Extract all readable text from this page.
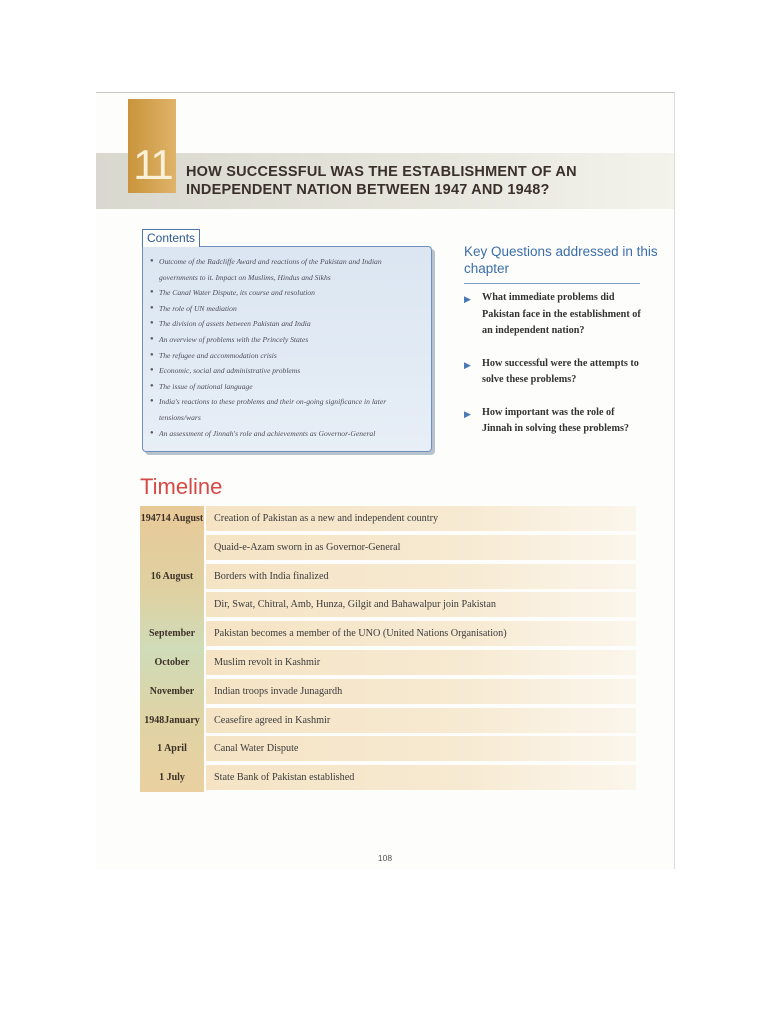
11	HOW SUCCESSFUL WAS THE ESTABLISHMENT OF AN INDEPENDENT NATION BETWEEN 1947 AND 1948?
Contents
● Outcome of the Radcliffe Award and reactions of the Pakistan and Indian governments to it. Impact on Muslims, Hindus and Sikhs
● The Canal Water Dispute, its course and resolution
● The role of UN mediation
● The division of assets between Pakistan and India
● An overview of problems with the Princely States
● The refugee and accommodation crisis
● Economic, social and administrative problems
● The issue of national language
● India's reactions to these problems and their on-going significance in later tensions/wars
● An assessment of Jinnah's role and achievements as Governor-General
Key Questions addressed in this chapter
▶ What immediate problems did Pakistan face in the establishment of an independent nation?
▶ How successful were the attempts to solve these problems?
▶ How important was the role of Jinnah in solving these problems?
Timeline
1947 14 August	Creation of Pakistan as a new and independent country
Quaid-e-Azam sworn in as Governor-General
16 August	Borders with India finalized
Dir, Swat, Chitral, Amb, Hunza, Gilgit and Bahawalpur join Pakistan
September	Pakistan becomes a member of the UNO (United Nations Organisation)
October	Muslim revolt in Kashmir
November	Indian troops invade Junagardh
1948 January	Ceasefire agreed in Kashmir
1 April	Canal Water Dispute
1 July	State Bank of Pakistan established
108
